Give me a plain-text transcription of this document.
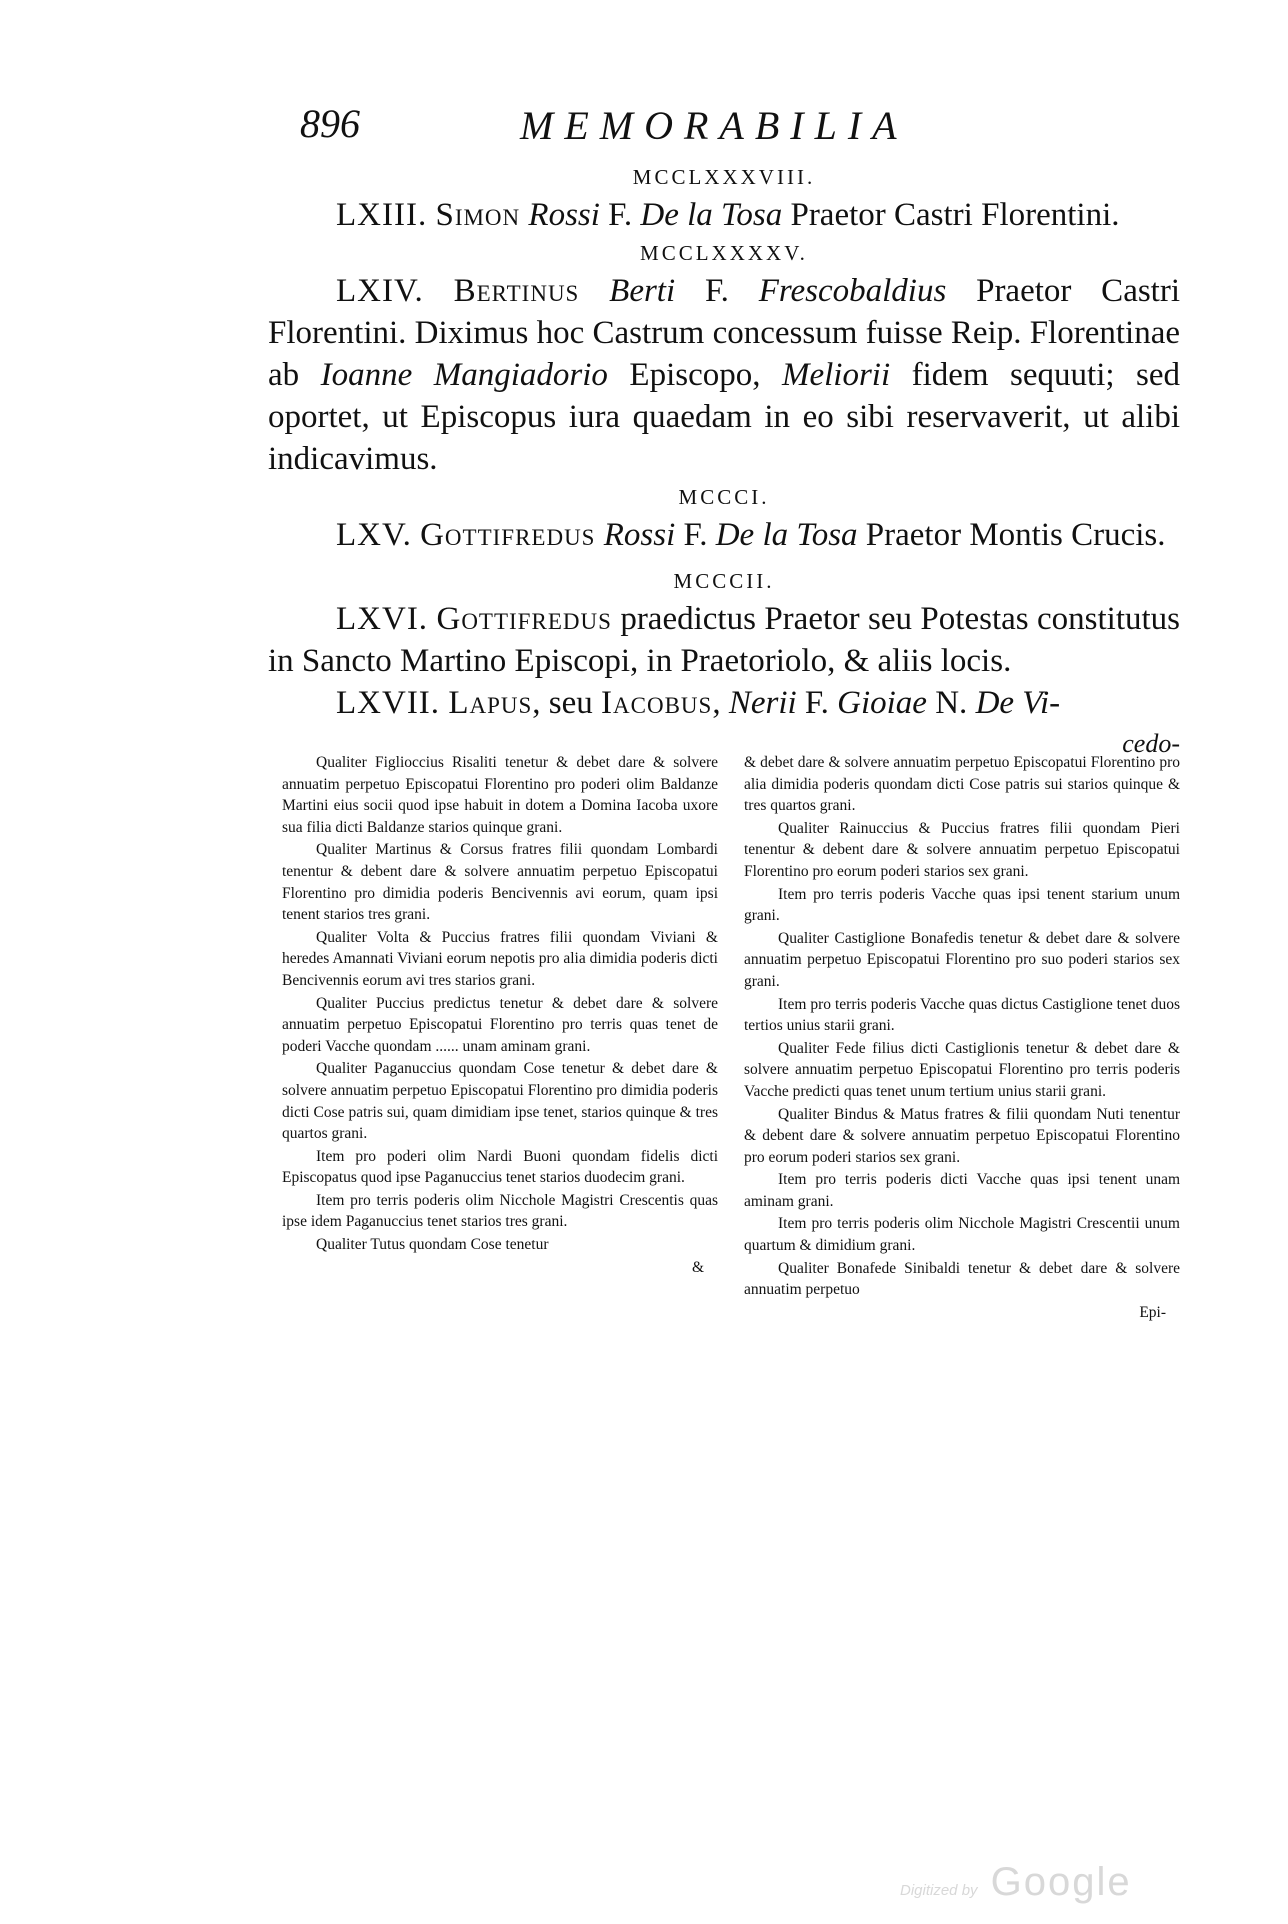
896	MEMORABILIA
MCCLXXXVIII.

LXIII. Simon Rossi F. De la Tosa Praetor Castri Florentini.

MCCLXXXXV.

LXIV. Bertinus Berti F. Frescobaldius Praetor Castri Florentini. Diximus hoc Castrum concessum fuisse Reip. Florentinae ab Ioanne Mangiadorio Episcopo, Meliorii fidem sequuti; sed oportet, ut Episcopus iura quaedam in eo sibi reservaverit, ut alibi indicavimus.

MCCCI.

LXV. Gottifredus Rossi F. De la Tosa Praetor Montis Crucis.

MCCCII.

LXVI. Gottifredus praedictus Praetor seu Potestas constitutus in Sancto Martino Episcopi, in Praetoriolo, & aliis locis.

LXVII. Lapus, seu Iacobus, Nerii F. Gioiae N. De Vi-

cedo-

Qualiter Figlioccius Risaliti tenetur & debet dare & solvere annuatim perpetuo Episcopatui Florentino pro poderi olim Baldanze Martini eius socii quod ipse habuit in dotem a Domina Iacoba uxore sua filia dicti Baldanze starios quinque grani.

Qualiter Martinus & Corsus fratres filii quondam Lombardi tenentur & debent dare & solvere annuatim perpetuo Episcopatui Florentino pro dimidia poderis Bencivennis avi eorum, quam ipsi tenent starios tres grani.

Qualiter Volta & Puccius fratres filii quondam Viviani & heredes Amannati Viviani eorum nepotis pro alia dimidia poderis dicti Bencivennis eorum avi tres starios grani.

Qualiter Puccius predictus tenetur & debet dare & solvere annuatim perpetuo Episcopatui Florentino pro terris quas tenet de poderi Vacche quondam ...... unam aminam grani.

Qualiter Paganuccius quondam Cose tenetur & debet dare & solvere annuatim perpetuo Episcopatui Florentino pro dimidia poderis dicti Cose patris sui, quam dimidiam ipse tenet, starios quinque & tres quartos grani.

Item pro poderi olim Nardi Buoni quondam fidelis dicti Episcopatus quod ipse Paganuccius tenet starios duodecim grani.

Item pro terris poderis olim Nicchole Magistri Crescentis quas ipse idem Paganuccius tenet starios tres grani.

Qualiter Tutus quondam Cose tenetur

&

& debet dare & solvere annuatim perpetuo Episcopatui Florentino pro alia dimidia poderis quondam dicti Cose patris sui starios quinque & tres quartos grani.

Qualiter Rainuccius & Puccius fratres filii quondam Pieri tenentur & debent dare & solvere annuatim perpetuo Episcopatui Florentino pro eorum poderi starios sex grani.

Item pro terris poderis Vacche quas ipsi tenent starium unum grani.

Qualiter Castiglione Bonafedis tenetur & debet dare & solvere annuatim perpetuo Episcopatui Florentino pro suo poderi starios sex grani.

Item pro terris poderis Vacche quas dictus Castiglione tenet duos tertios unius starii grani.

Qualiter Fede filius dicti Castiglionis tenetur & debet dare & solvere annuatim perpetuo Episcopatui Florentino pro terris poderis Vacche predicti quas tenet unum tertium unius starii grani.

Qualiter Bindus & Matus fratres & filii quondam Nuti tenentur & debent dare & solvere annuatim perpetuo Episcopatui Florentino pro eorum poderi starios sex grani.

Item pro terris poderis dicti Vacche quas ipsi tenent unam aminam grani.

Item pro terris poderis olim Nicchole Magistri Crescentii unum quartum & dimidium grani.

Qualiter Bonafede Sinibaldi tenetur & debet dare & solvere annuatim perpetuo

Epi-

Digitized by Google
